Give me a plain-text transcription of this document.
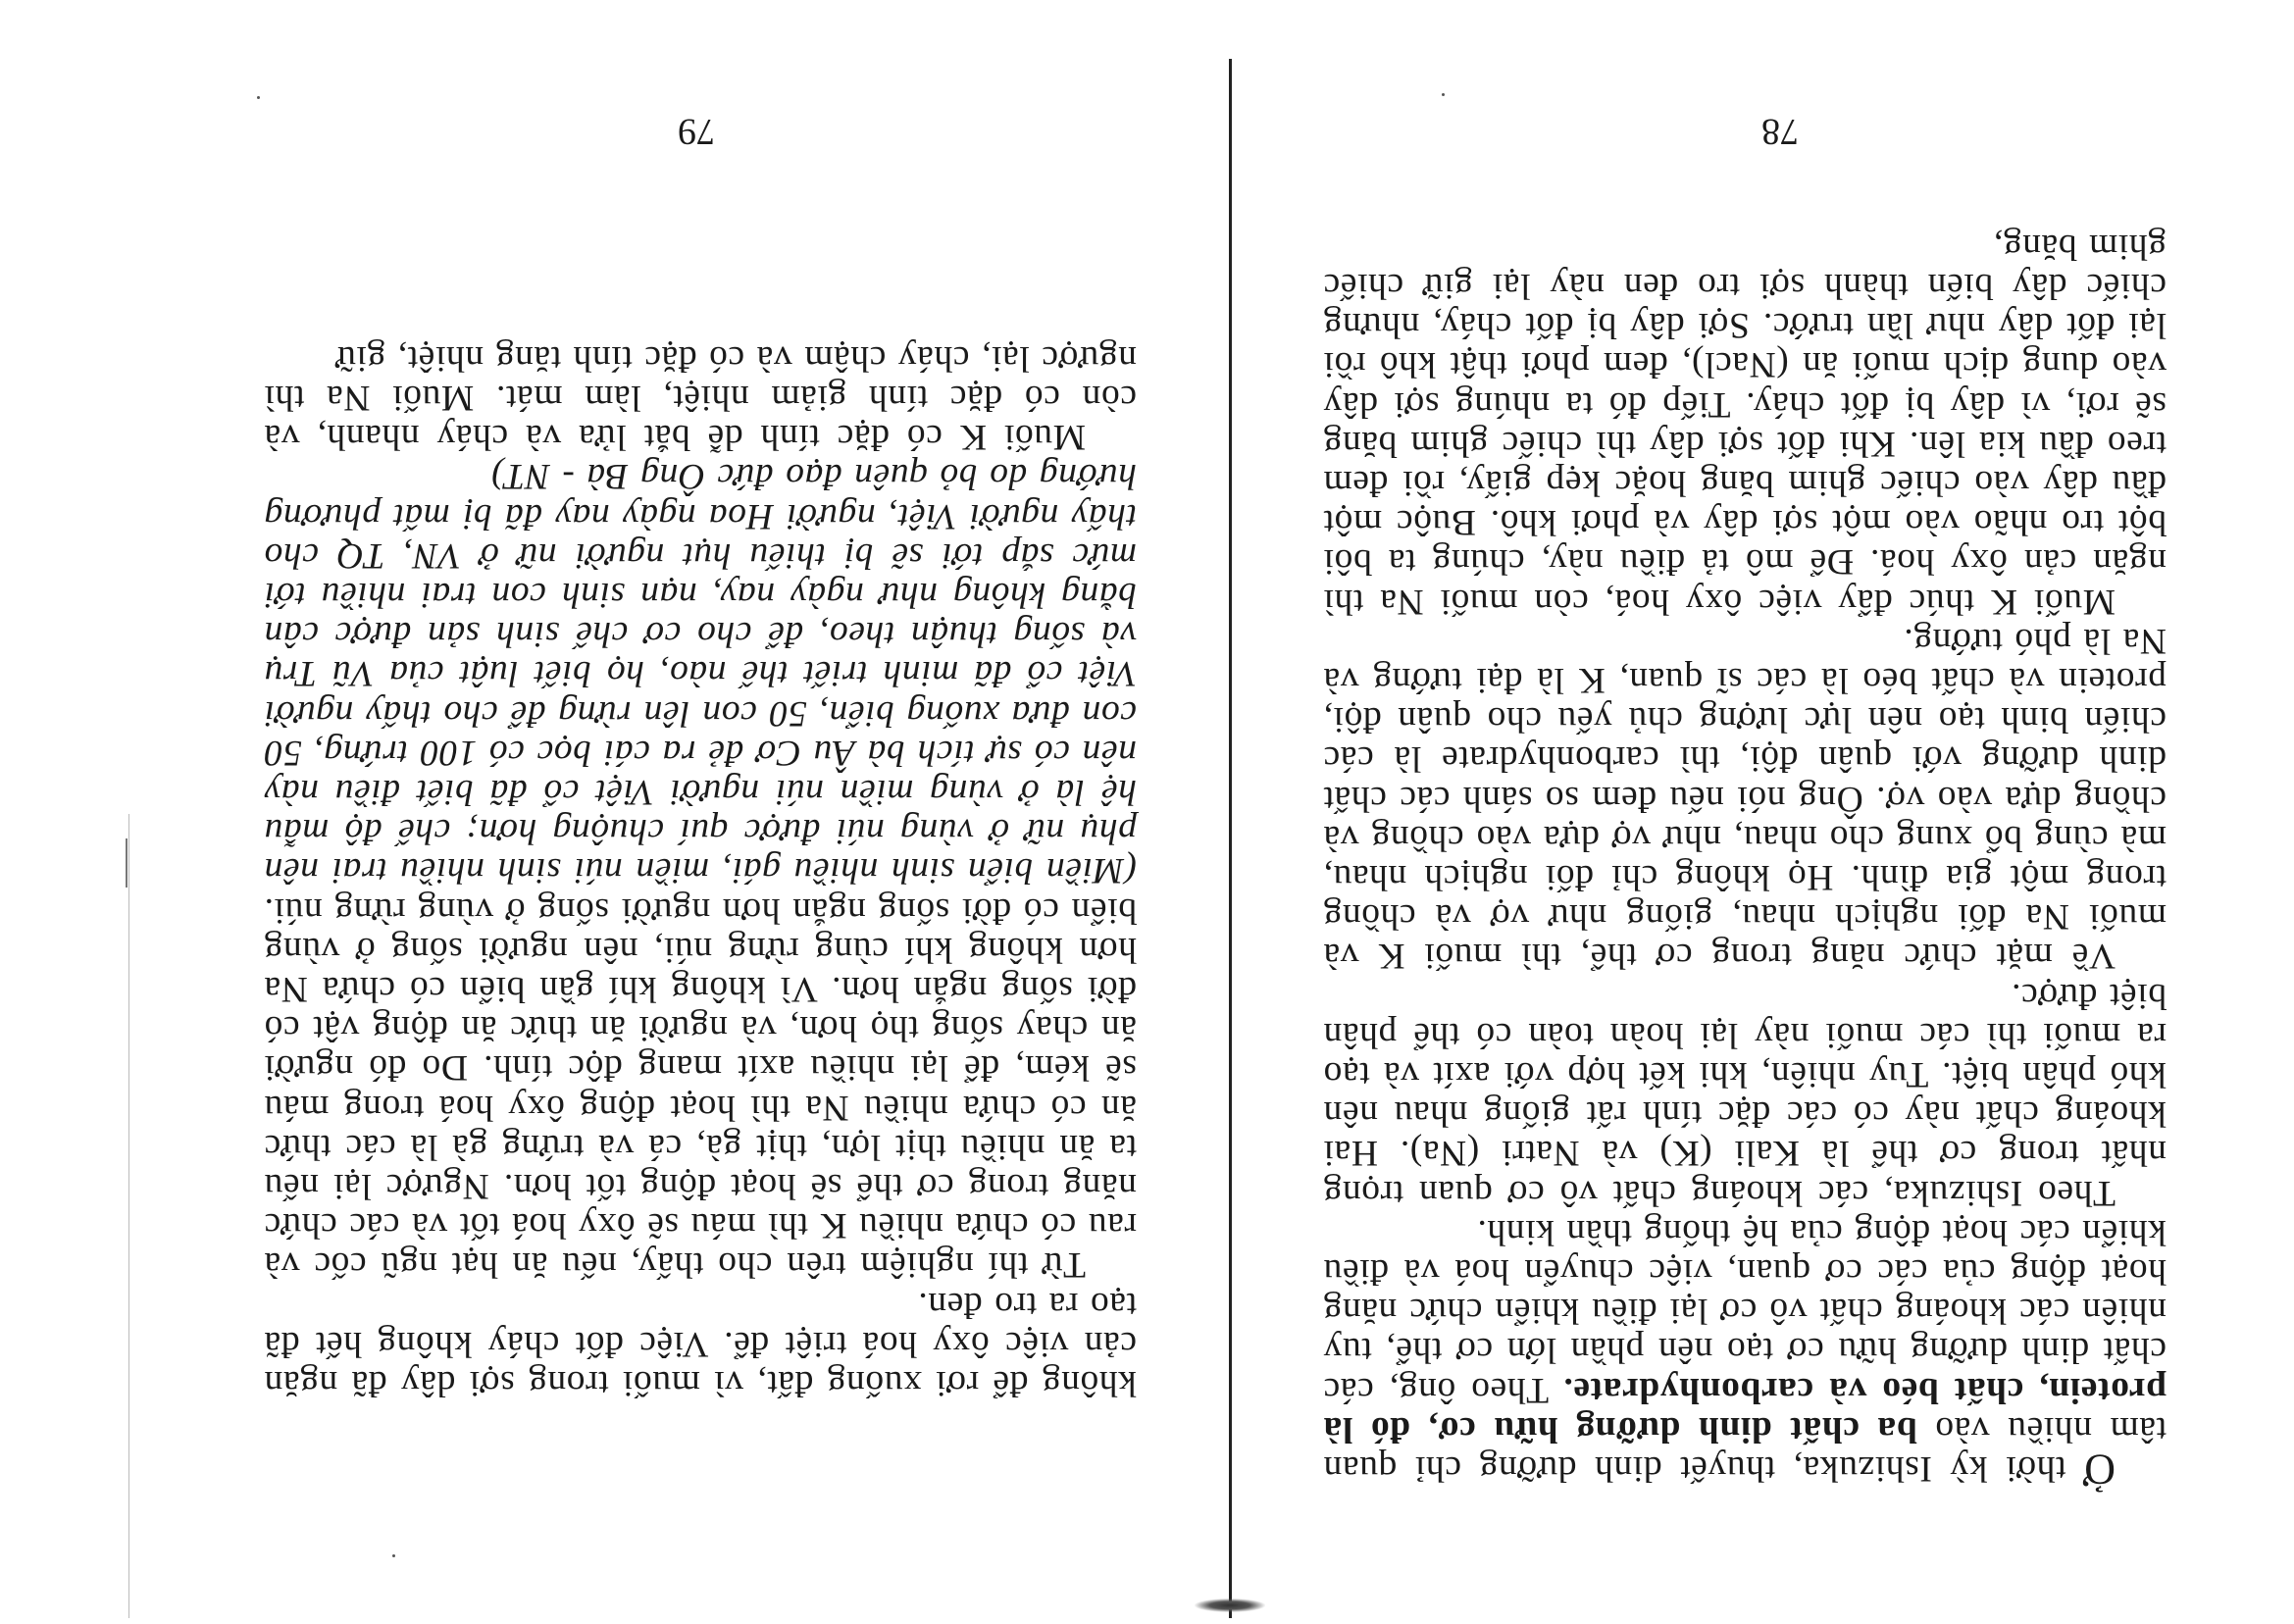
Ở thời kỳ Ishizuka, thuyết dinh dưỡng chỉ quan tâm nhiều vào ba chất dinh dưỡng hữu cơ, đó là protein, chất béo và carbonhydrate. Theo ông, các chất dinh dưỡng hữu cơ tạo nên phần lớn cơ thể, tuy nhiên các khoáng chất vô cơ lại điều khiển chức năng hoạt động của các cơ quan, việc chuyển hoá và điều khiển các hoạt động của hệ thống thần kinh.

Theo Ishizuka, các khoáng chất vô cơ quan trọng nhất trong cơ thể là Kali (K) và Natri (Na). Hai khoáng chất này có các đặc tính rất giống nhau nên khó phân biệt. Tuy nhiên, khi kết hợp với axít và tạo ra muối thì các muối này lại hoàn toàn có thể phân biệt được.

Về mặt chức năng trong cơ thể, thì muối K và muối Na đối nghịch nhau, giống như vợ và chồng trong một gia đình. Họ không chỉ đối nghịch nhau, mà cùng bổ xung cho nhau, như vợ dựa vào chồng và chồng dựa vào vợ. Ông nói nếu đem so sánh các chất dinh dưỡng với quân đội, thì carbonhydrate là các chiến binh tạo nên lực lượng chủ yếu cho quân đội, protein và chất béo là các sĩ quan, K là đại tướng và Na là phó tướng.

Muối K thúc đẩy việc ôxy hoá, còn muối Na thì ngăn cản ôxy hoá. Để mô tả điều này, chúng ta bôi bột tro nhão vào một sợi dây và phơi khô. Buộc một đầu dây vào chiếc ghim băng hoặc kẹp giấy, rồi đem treo đầu kia lên. Khi đốt sợi dây thì chiếc ghim băng sẽ rơi, vì dây bị đốt cháy. Tiếp đó ta nhúng sợi dây vào dung dịch muối ăn (Nacl), đem phơi thật khô rồi lại đốt dây như lần trước. Sợi dây bị đốt cháy, nhưng chiếc dây biến thành sợi tro đen này lại giữ chiếc ghim băng,

78

không để rơi xuống đất, vì muối trong sợi dây đã ngăn cản việc ôxy hoá triệt để. Việc đốt cháy không hết đã tạo ra tro đen.

Từ thí nghiệm trên cho thấy, nếu ăn hạt ngũ cốc và rau có chứa nhiều K thì máu sẽ ôxy hoá tốt và các chức năng trong cơ thể sẽ hoạt động tốt hơn. Ngược lại nếu ta ăn nhiều thịt lợn, thịt gà, cá và trứng gà là các thức ăn có chứa nhiều Na thì hoạt động ôxy hoá trong máu sẽ kém, để lại nhiều axít mang độc tính. Do đó người ăn chay sống thọ hơn, và người ăn thức ăn động vật có đời sống ngắn hơn. Vì không khí gần biển có chứa Na hơn không khí cùng rừng núi, nên người sống ở vùng biển có đời sống ngắn hơn người sống ở vùng rừng núi. (Miền biển sinh nhiều gái, miền núi sinh nhiều trai nên phụ nữ ở vùng núi được quí chuộng hơn; chế độ mẫu hệ là ở vùng miền núi người Việt cổ đã biết điều này nên có sự tích bà Âu Cơ đẻ ra cái bọc có 100 trứng, 50 con đưa xuống biển, 50 con lên rừng để cho thấy người Việt cổ đã minh triết thế nào, họ biết luật của Vũ Trụ và sống thuận theo, để cho cơ chế sinh sản được cân bằng không như ngày nay, nạn sinh con trai nhiều tới mức sắp tới sẽ bị thiếu hụt người nữ ở VN, TQ cho thấy người Việt, người Hoa ngày nay đã bị mất phương hướng do bỏ quên đạo đức Ông Bà - NT)

Muối K có đặc tính dễ bắt lửa và cháy nhanh, và còn có đặc tính giảm nhiệt, làm mát. Muối Na thì ngược lại, cháy chậm và có đặc tính tăng nhiệt, giữ

79
